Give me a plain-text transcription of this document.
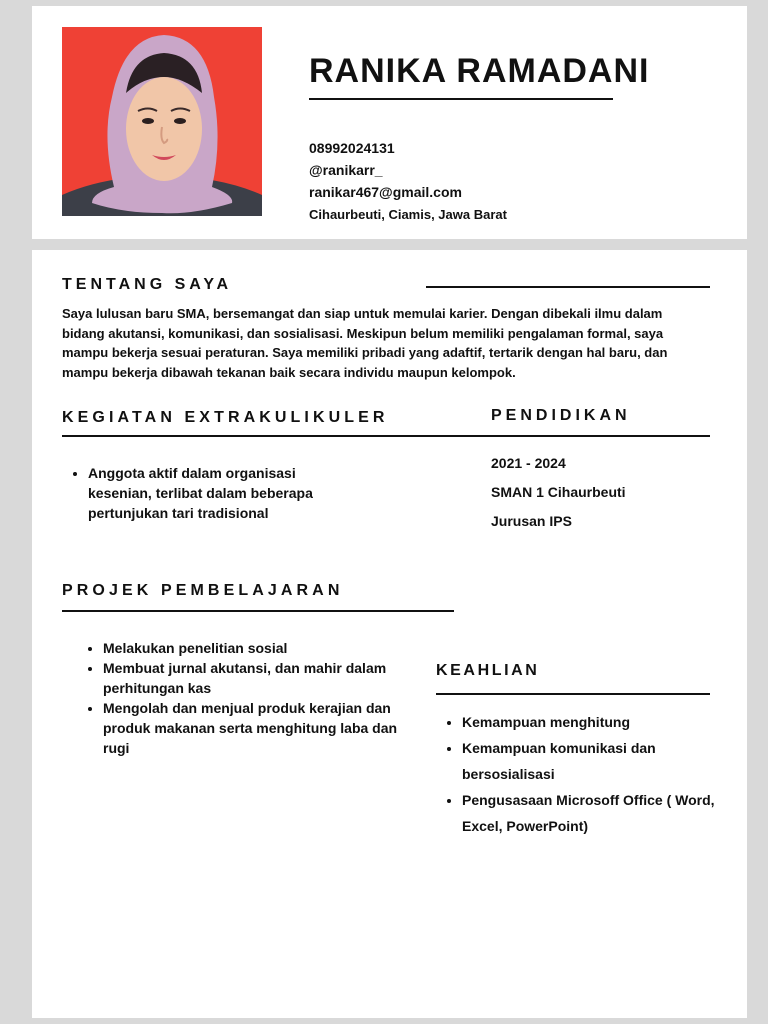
RANIKA RAMADANI
08992024131
@ranikarr_
ranikar467@gmail.com
Cihaurbeuti, Ciamis, Jawa Barat
TENTANG SAYA

Saya lulusan baru SMA, bersemangat dan siap untuk memulai karier. Dengan dibekali ilmu dalam bidang akutansi, komunikasi, dan sosialisasi. Meskipun belum memiliki pengalaman formal, saya mampu bekerja sesuai peraturan. Saya memiliki pribadi yang adaftif, tertarik dengan hal baru, dan mampu bekerja dibawah tekanan baik secara individu maupun kelompok.

KEGIATAN EXTRAKULIKULER
• Anggota aktif dalam organisasi kesenian, terlibat dalam beberapa pertunjukan tari tradisional
PENDIDIKAN
2021 - 2024
SMAN 1 Cihaurbeuti
Jurusan IPS
PROJEK PEMBELAJARAN
• Melakukan penelitian sosial
• Membuat jurnal akutansi, dan mahir dalam perhitungan kas
• Mengolah dan menjual produk kerajian dan produk makanan serta menghitung laba dan rugi
KEAHLIAN
• Kemampuan menghitung
• Kemampuan komunikasi dan bersosialisasi
• Pengusasaan Microsoff Office ( Word, Excel, PowerPoint)
